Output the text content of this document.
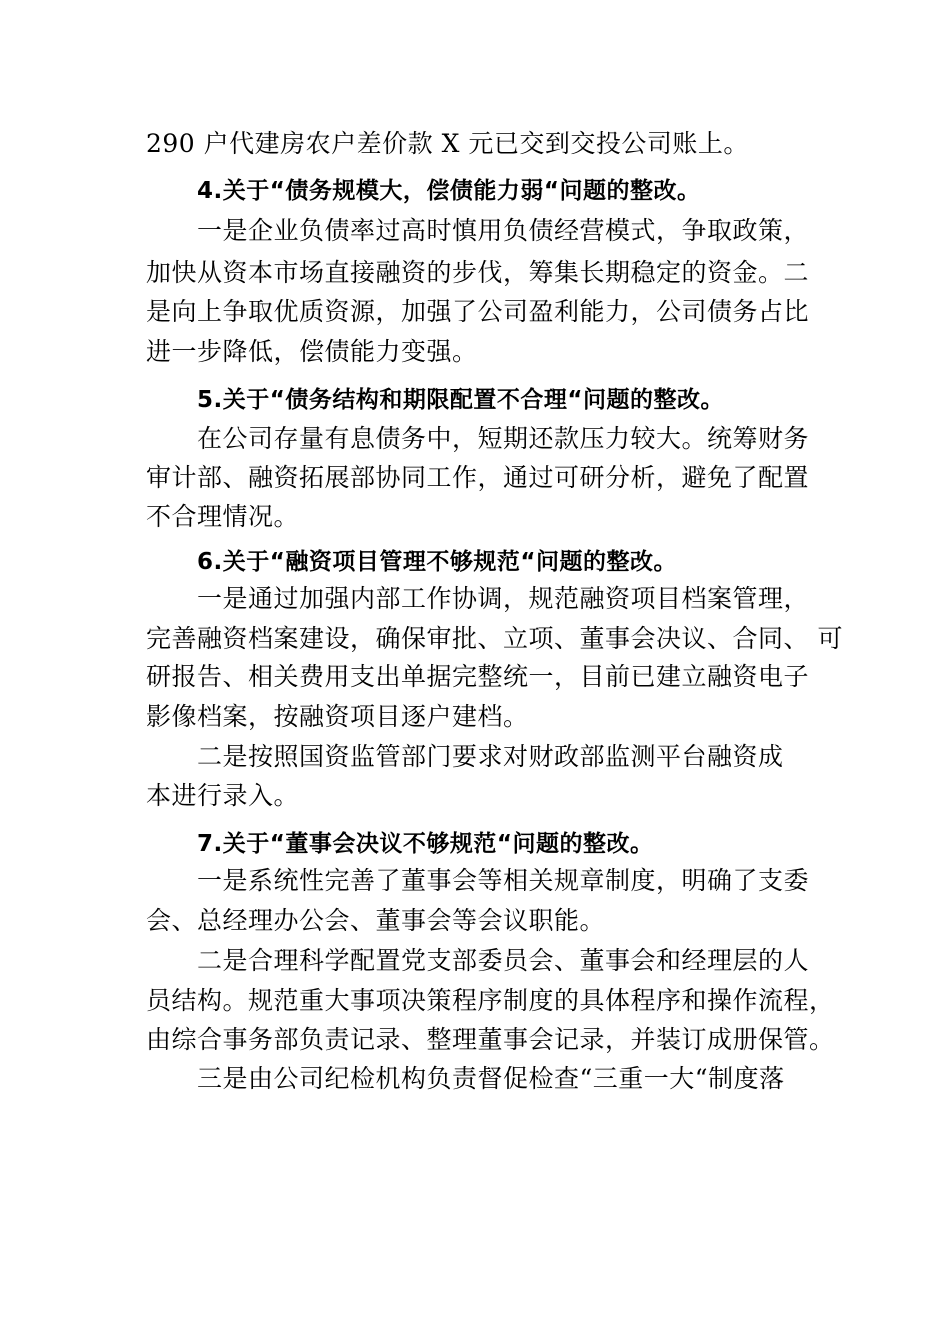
290 户代建房农户差价款 X 元已交到交投公司账上。
4.关于“债务规模大，偿债能力弱“问题的整改。
一是企业负债率过高时慎用负债经营模式，争取政策，
加快从资本市场直接融资的步伐，筹集长期稳定的资金。二
是向上争取优质资源，加强了公司盈利能力，公司债务占比
进一步降低，偿债能力变强。
5.关于“债务结构和期限配置不合理“问题的整改。
在公司存量有息债务中，短期还款压力较大。统筹财务
审计部、融资拓展部协同工作，通过可研分析，避免了配置
不合理情况。
6.关于“融资项目管理不够规范“问题的整改。
一是通过加强内部工作协调，规范融资项目档案管理，
完善融资档案建设，确保审批、立项、董事会决议、合同、 可
研报告、相关费用支出单据完整统一，目前已建立融资电子
影像档案，按融资项目逐户建档。
二是按照国资监管部门要求对财政部监测平台融资成
本进行录入。
7.关于“董事会决议不够规范“问题的整改。
一是系统性完善了董事会等相关规章制度，明确了支委
会、总经理办公会、董事会等会议职能。
二是合理科学配置党支部委员会、董事会和经理层的人
员结构。规范重大事项决策程序制度的具体程序和操作流程，
由综合事务部负责记录、整理董事会记录，并装订成册保管。
三是由公司纪检机构负责督促检查“三重一大“制度落
